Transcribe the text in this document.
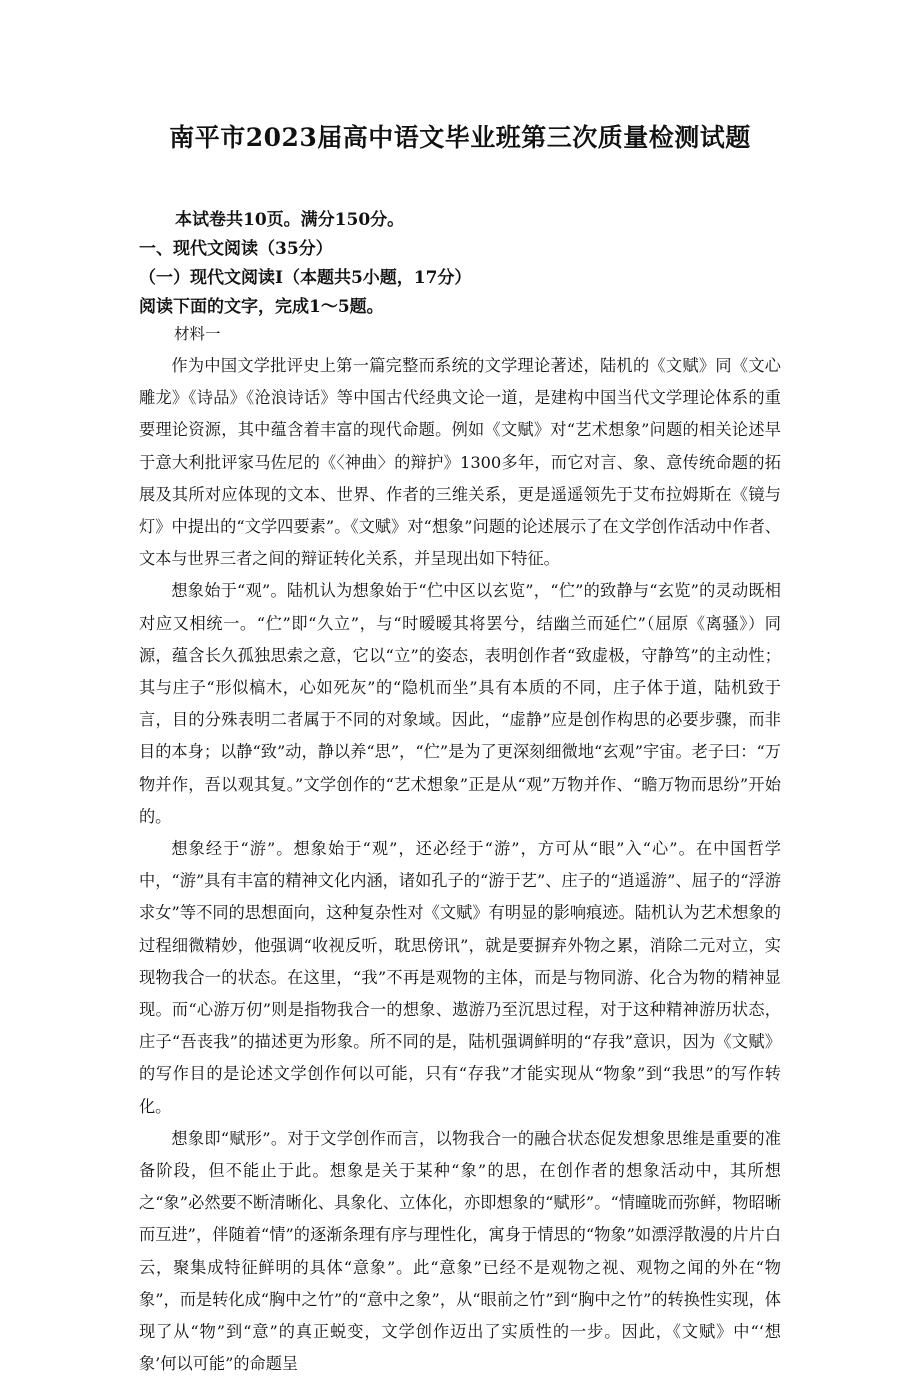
南平市2023届高中语文毕业班第三次质量检测试题
本试卷共10页。满分150分。
一、现代文阅读（35分）
（一）现代文阅读Ⅰ（本题共5小题，17分）
阅读下面的文字，完成1～5题。
材料一

作为中国文学批评史上第一篇完整而系统的文学理论著述，陆机的《文赋》同《文心雕龙》《诗品》《沧浪诗话》等中国古代经典文论一道，是建构中国当代文学理论体系的重要理论资源，其中蕴含着丰富的现代命题。例如《文赋》对“艺术想象”问题的相关论述早于意大利批评家马佐尼的《〈神曲〉的辩护》1300多年，而它对言、象、意传统命题的拓展及其所对应体现的文本、世界、作者的三维关系，更是遥遥领先于艾布拉姆斯在《镜与灯》中提出的“文学四要素”。《文赋》对“想象”问题的论述展示了在文学创作活动中作者、文本与世界三者之间的辩证转化关系，并呈现出如下特征。

想象始于“观”。陆机认为想象始于“伫中区以玄览”，“伫”的致静与“玄览”的灵动既相对应又相统一。“伫”即“久立”，与“时暧暧其将罢兮，结幽兰而延伫”（屈原《离骚》）同源，蕴含长久孤独思索之意，它以“立”的姿态，表明创作者“致虚极，守静笃”的主动性；其与庄子“形似槁木，心如死灰”的“隐机而坐”具有本质的不同，庄子体于道，陆机致于言，目的分殊表明二者属于不同的对象域。因此，“虚静”应是创作构思的必要步骤，而非目的本身；以静“致”动，静以养“思”，“伫”是为了更深刻细微地“玄观”宇宙。老子曰：“万物并作，吾以观其复。”文学创作的“艺术想象”正是从“观”万物并作、“瞻万物而思纷”开始的。

想象经于“游”。想象始于“观”，还必经于“游”，方可从“眼”入“心”。在中国哲学中，“游”具有丰富的精神文化内涵，诸如孔子的“游于艺”、庄子的“逍遥游”、屈子的“浮游求女”等不同的思想面向，这种复杂性对《文赋》有明显的影响痕迹。陆机认为艺术想象的过程细微精妙，他强调“收视反听，耽思傍讯”，就是要摒弃外物之累，消除二元对立，实现物我合一的状态。在这里，“我”不再是观物的主体，而是与物同游、化合为物的精神显现。而“心游万仞”则是指物我合一的想象、遨游乃至沉思过程，对于这种精神游历状态，庄子“吾丧我”的描述更为形象。所不同的是，陆机强调鲜明的“存我”意识，因为《文赋》的写作目的是论述文学创作何以可能，只有“存我”才能实现从“物象”到“我思”的写作转化。

想象即“赋形”。对于文学创作而言，以物我合一的融合状态促发想象思维是重要的准备阶段，但不能止于此。想象是关于某种“象”的思，在创作者的想象活动中，其所想之“象”必然要不断清晰化、具象化、立体化，亦即想象的“赋形”。“情曈昽而弥鲜，物昭晰而互进”，伴随着“情”的逐渐条理有序与理性化，寓身于情思的“物象”如漂浮散漫的片片白云，聚集成特征鲜明的具体“意象”。此“意象”已经不是观物之视、观物之闻的外在“物象”，而是转化成“胸中之竹”的“意中之象”，从“眼前之竹”到“胸中之竹”的转换性实现，体现了从“物”到“意”的真正蜕变，文学创作迈出了实质性的一步。因此，《文赋》中“‘想象’何以可能”的命题呈
